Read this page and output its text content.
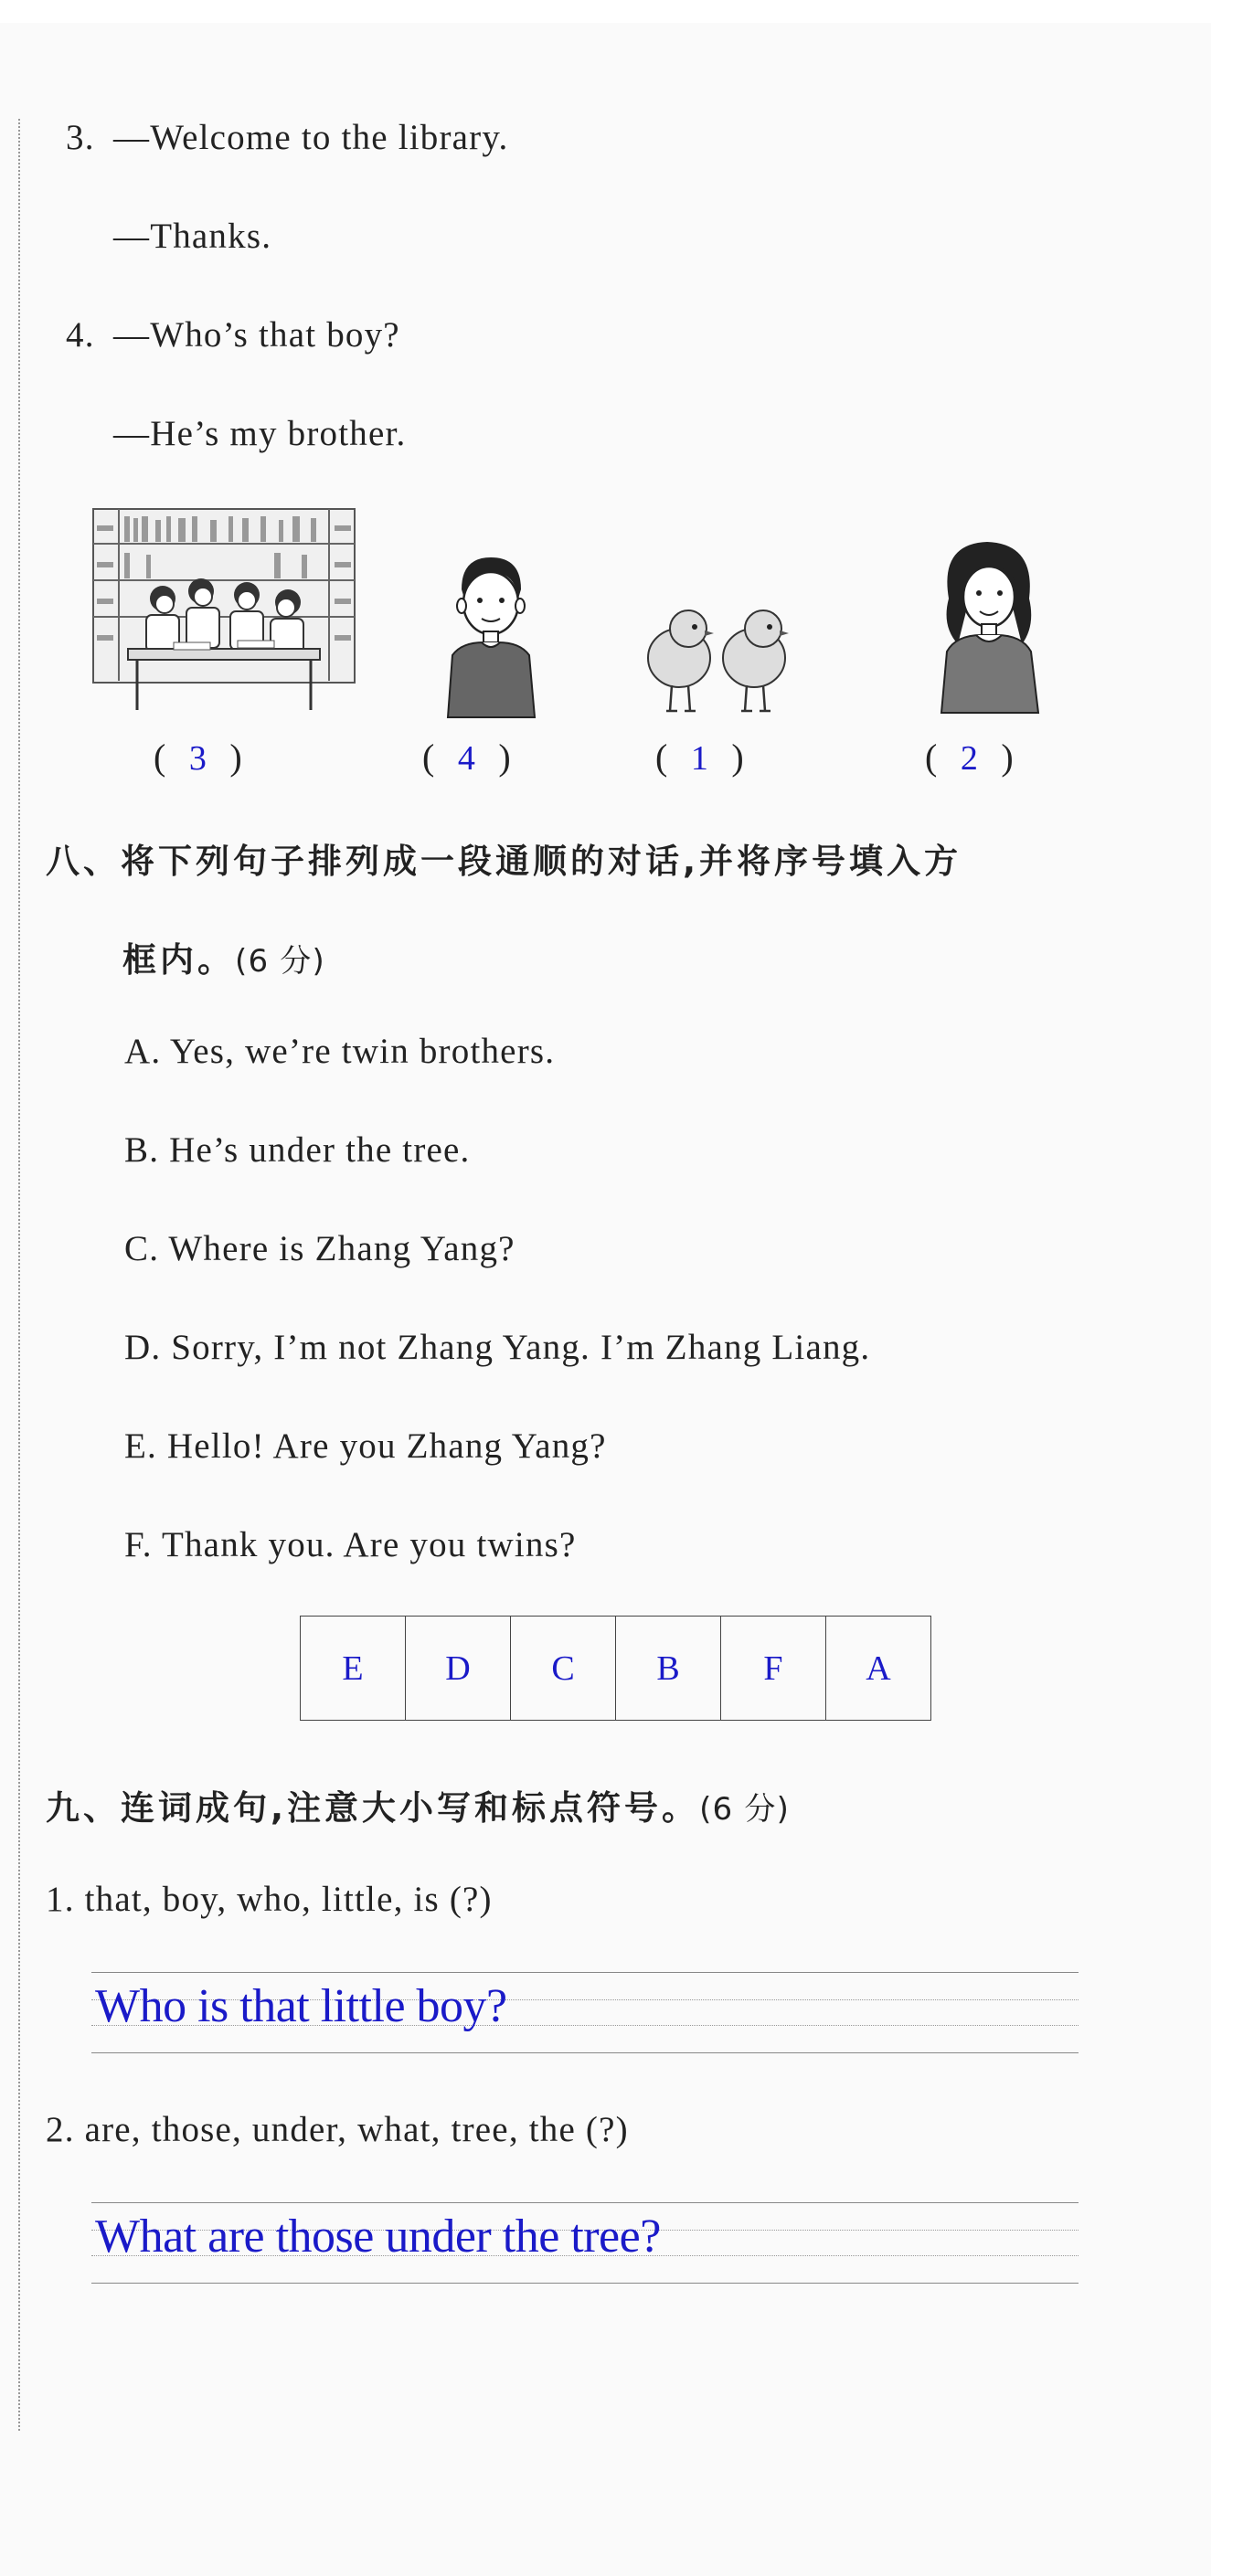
3. —Welcome to the library.
—Thanks.
4. —Who’s that boy?
—He’s my brother.
( 3 )	( 4 )	( 1 )	( 2 )
八、将下列句子排列成一段通顺的对话,并将序号填入方
框内。(6 分)
A. Yes, we’re twin brothers.
B. He’s under the tree.
C. Where is Zhang Yang?
D. Sorry, I’m not Zhang Yang. I’m Zhang Liang.
E. Hello! Are you Zhang Yang?
F. Thank you. Are you twins?
E	D	C	B	F	A
九、连词成句,注意大小写和标点符号。(6 分)
1. that, boy, who, little, is (?)
Who is that little boy?
2. are, those, under, what, tree, the (?)
What are those under the tree?
